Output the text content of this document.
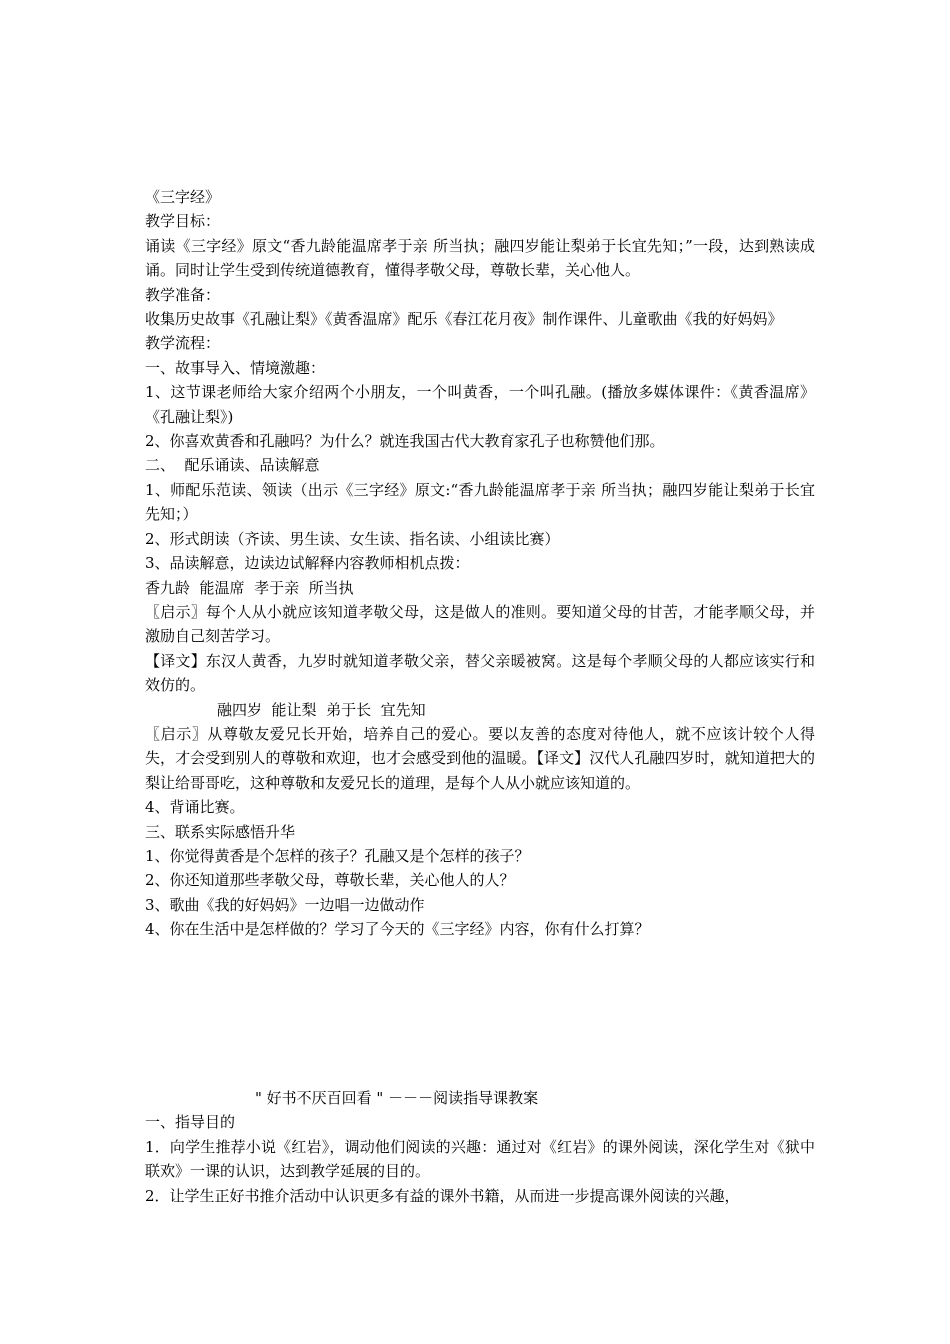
《三字经》
教学目标：
诵读《三字经》原文“香九龄能温席孝于亲 所当执；融四岁能让梨弟于长宜先知；”一段，达到熟读成诵。同时让学生受到传统道德教育，懂得孝敬父母，尊敬长辈，关心他人。
教学准备：
收集历史故事《孔融让梨》《黄香温席》配乐《春江花月夜》制作课件、儿童歌曲《我的好妈妈》
教学流程：
一、故事导入、情境激趣：
1、这节课老师给大家介绍两个小朋友，一个叫黄香，一个叫孔融。(播放多媒体课件：《黄香温席》《孔融让梨》)
2、你喜欢黄香和孔融吗？为什么？就连我国古代大教育家孔子也称赞他们那。
二、  配乐诵读、品读解意
1、师配乐范读、领读（出示《三字经》原文:“香九龄能温席孝于亲 所当执；融四岁能让梨弟于长宜先知；）
2、形式朗读（齐读、男生读、女生读、指名读、小组读比赛）
3、品读解意，边读边试解释内容教师相机点拨：
香九龄  能温席  孝于亲  所当执
〖启示〗每个人从小就应该知道孝敬父母，这是做人的准则。要知道父母的甘苦，才能孝顺父母，并激励自己刻苦学习。
【译文】东汉人黄香，九岁时就知道孝敬父亲，替父亲暖被窝。这是每个孝顺父母的人都应该实行和效仿的。
融四岁  能让梨  弟于长  宜先知
〖启示〗从尊敬友爱兄长开始，培养自己的爱心。要以友善的态度对待他人，就不应该计较个人得失，才会受到别人的尊敬和欢迎，也才会感受到他的温暖。【译文】汉代人孔融四岁时，就知道把大的梨让给哥哥吃，这种尊敬和友爱兄长的道理，是每个人从小就应该知道的。
4、背诵比赛。
三、联系实际感悟升华
1、你觉得黄香是个怎样的孩子？孔融又是个怎样的孩子？
2、你还知道那些孝敬父母，尊敬长辈，关心他人的人？
3、歌曲《我的好妈妈》一边唱一边做动作
4、你在生活中是怎样做的？学习了今天的《三字经》内容，你有什么打算？
" 好书不厌百回看 " －－－阅读指导课教案
一、指导目的
1．向学生推荐小说《红岩》，调动他们阅读的兴趣：通过对《红岩》的课外阅读，深化学生对《狱中联欢》一课的认识，达到教学延展的目的。
2．让学生正好书推介活动中认识更多有益的课外书籍，从而进一步提高课外阅读的兴趣，
